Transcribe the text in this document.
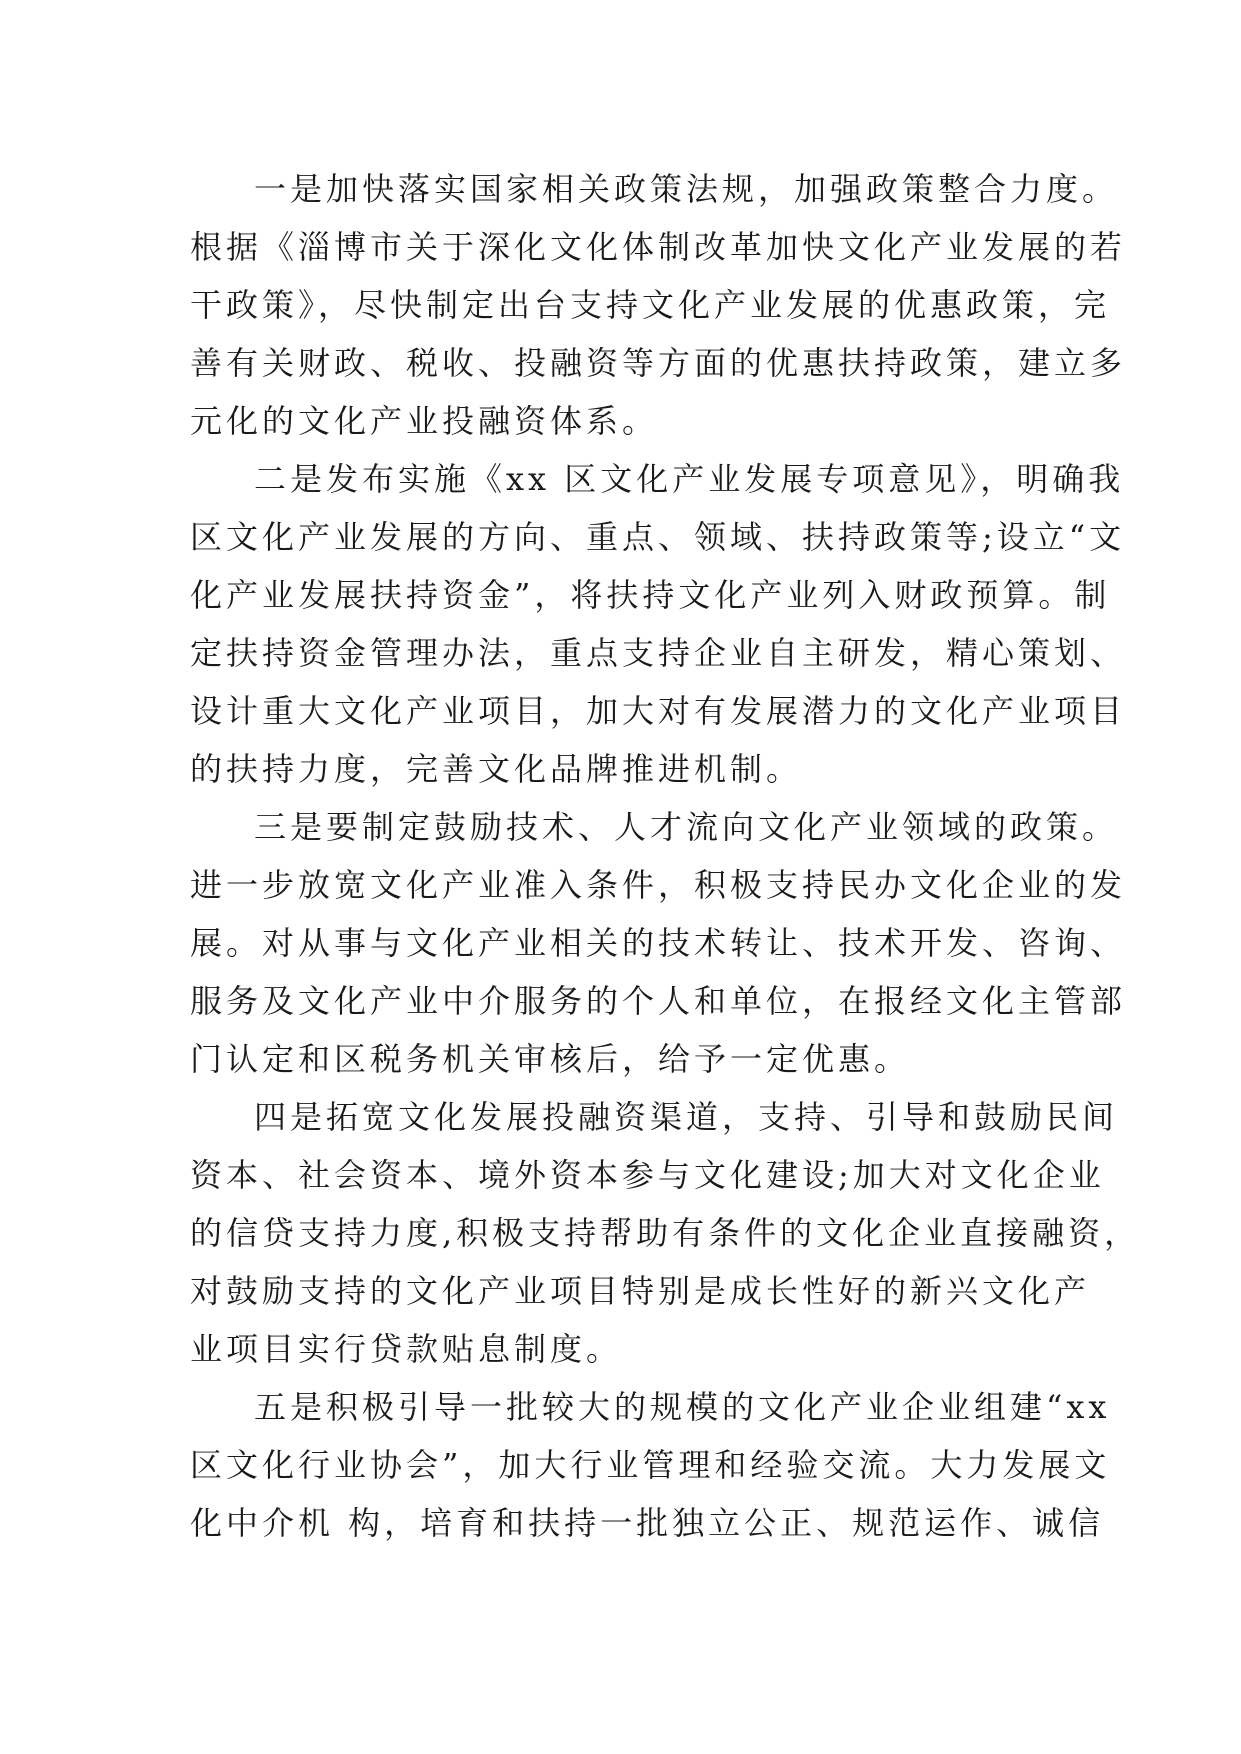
一是加快落实国家相关政策法规，加强政策整合力度。
根据《淄博市关于深化文化体制改革加快文化产业发展的若
干政策》，尽快制定出台支持文化产业发展的优惠政策，完
善有关财政、税收、投融资等方面的优惠扶持政策，建立多
元化的文化产业投融资体系。

二是发布实施《xx 区文化产业发展专项意见》，明确我
区文化产业发展的方向、重点、领域、扶持政策等;设立“文
化产业发展扶持资金”，将扶持文化产业列入财政预算。制
定扶持资金管理办法，重点支持企业自主研发，精心策划、
设计重大文化产业项目，加大对有发展潜力的文化产业项目
的扶持力度，完善文化品牌推进机制。

三是要制定鼓励技术、人才流向文化产业领域的政策。
进一步放宽文化产业准入条件，积极支持民办文化企业的发
展。对从事与文化产业相关的技术转让、技术开发、咨询、
服务及文化产业中介服务的个人和单位，在报经文化主管部
门认定和区税务机关审核后，给予一定优惠。

四是拓宽文化发展投融资渠道，支持、引导和鼓励民间
资本、社会资本、境外资本参与文化建设;加大对文化企业
的信贷支持力度,积极支持帮助有条件的文化企业直接融资，
对鼓励支持的文化产业项目特别是成长性好的新兴文化产
业项目实行贷款贴息制度。

五是积极引导一批较大的规模的文化产业企业组建“xx
区文化行业协会”，加大行业管理和经验交流。大力发展文
化中介机 构，培育和扶持一批独立公正、规范运作、诚信
